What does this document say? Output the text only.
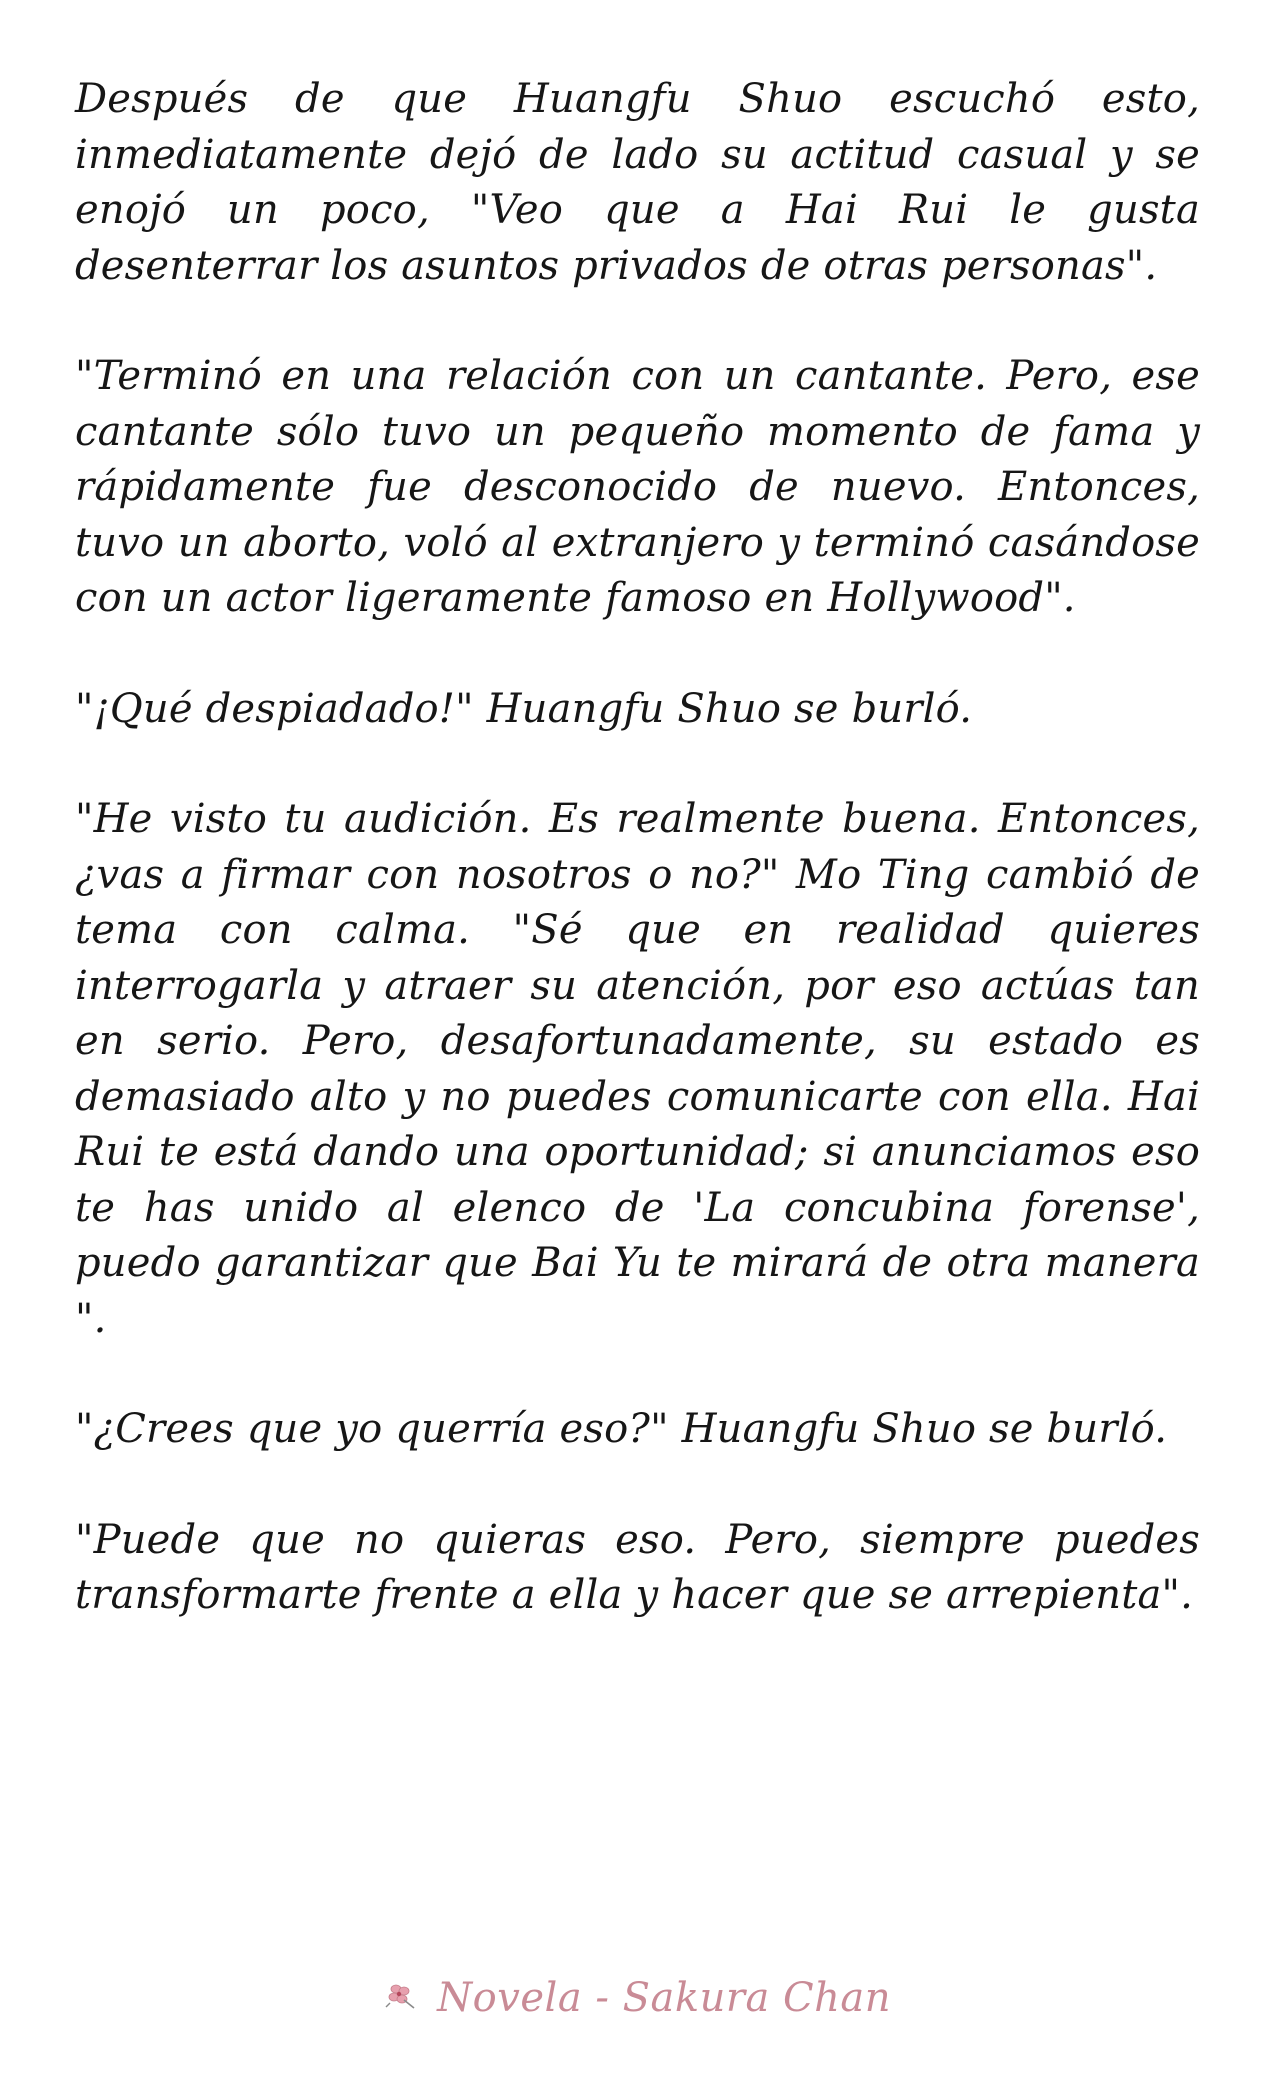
Después de que Huangfu Shuo escuchó esto, inmediatamente dejó de lado su actitud casual y se enojó un poco, "Veo que a Hai Rui le gusta desenterrar los asuntos privados de otras personas".

"Terminó en una relación con un cantante. Pero, ese cantante sólo tuvo un pequeño momento de fama y rápidamente fue desconocido de nuevo. Entonces, tuvo un aborto, voló al extranjero y terminó casándose con un actor ligeramente famoso en Hollywood".

"¡Qué despiadado!" Huangfu Shuo se burló.

"He visto tu audición. Es realmente buena. Entonces, ¿vas a firmar con nosotros o no?" Mo Ting cambió de tema con calma. "Sé que en realidad quieres interrogarla y atraer su atención, por eso actúas tan en serio. Pero, desafortunadamente, su estado es demasiado alto y no puedes comunicarte con ella. Hai Rui te está dando una oportunidad; si anunciamos eso te has unido al elenco de 'La concubina forense', puedo garantizar que Bai Yu te mirará de otra manera ".

"¿Crees que yo querría eso?" Huangfu Shuo se burló.

"Puede que no quieras eso. Pero, siempre puedes transformarte frente a ella y hacer que se arrepienta".

Novela - Sakura Chan
